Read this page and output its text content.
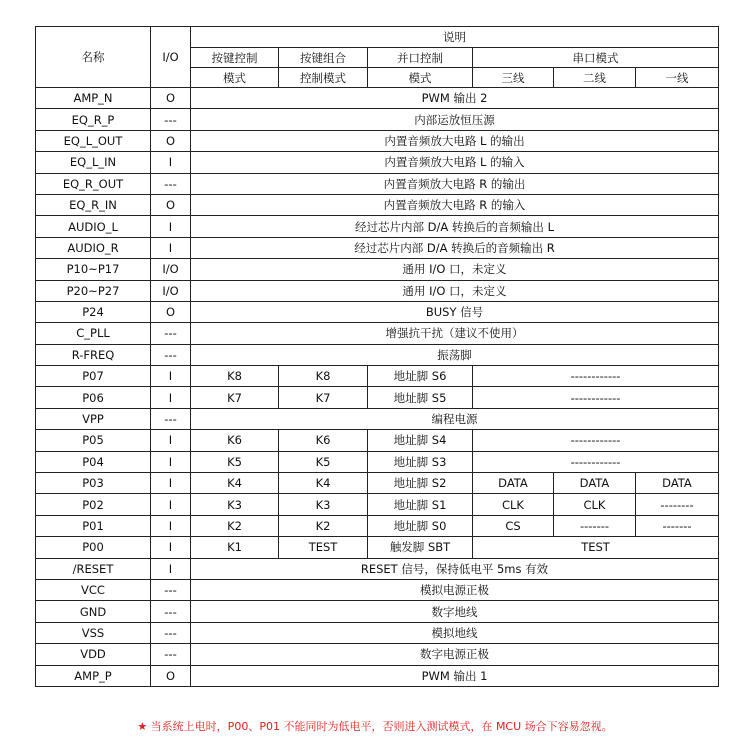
名称	I/O	说明					
		按键控制	按键组合	并口控制	串口模式		
		模式	控制模式	模式	三线	二线	一线
AMP_N	O	PWM 输出 2					
EQ_R_P	---	内部运放恒压源					
EQ_L_OUT	O	内置音频放大电路 L 的输出					
EQ_L_IN	I	内置音频放大电路 L 的输入					
EQ_R_OUT	---	内置音频放大电路 R 的输出					
EQ_R_IN	O	内置音频放大电路 R 的输入					
AUDIO_L	I	经过芯片内部 D/A 转换后的音频输出 L					
AUDIO_R	I	经过芯片内部 D/A 转换后的音频输出 R					
P10~P17	I/O	通用 I/O 口，未定义					
P20~P27	I/O	通用 I/O 口，未定义					
P24	O	BUSY 信号					
C_PLL	---	增强抗干扰（建议不使用）					
R-FREQ	---	振荡脚					
P07	I	K8	K8	地址脚 S6	------------		
P06	I	K7	K7	地址脚 S5	------------		
VPP	---	编程电源					
P05	I	K6	K6	地址脚 S4	------------		
P04	I	K5	K5	地址脚 S3	------------		
P03	I	K4	K4	地址脚 S2	DATA	DATA	DATA
P02	I	K3	K3	地址脚 S1	CLK	CLK	--------
P01	I	K2	K2	地址脚 S0	CS	-------	-------
P00	I	K1	TEST	触发脚 SBT	TEST		
/RESET	I	RESET 信号，保持低电平 5ms 有效					
VCC	---	模拟电源正极					
GND	---	数字地线					
VSS	---	模拟地线					
VDD	---	数字电源正极					
AMP_P	O	PWM 输出 1					
★ 当系统上电时，P00、P01 不能同时为低电平，否则进入测试模式，在 MCU 场合下容易忽视。
